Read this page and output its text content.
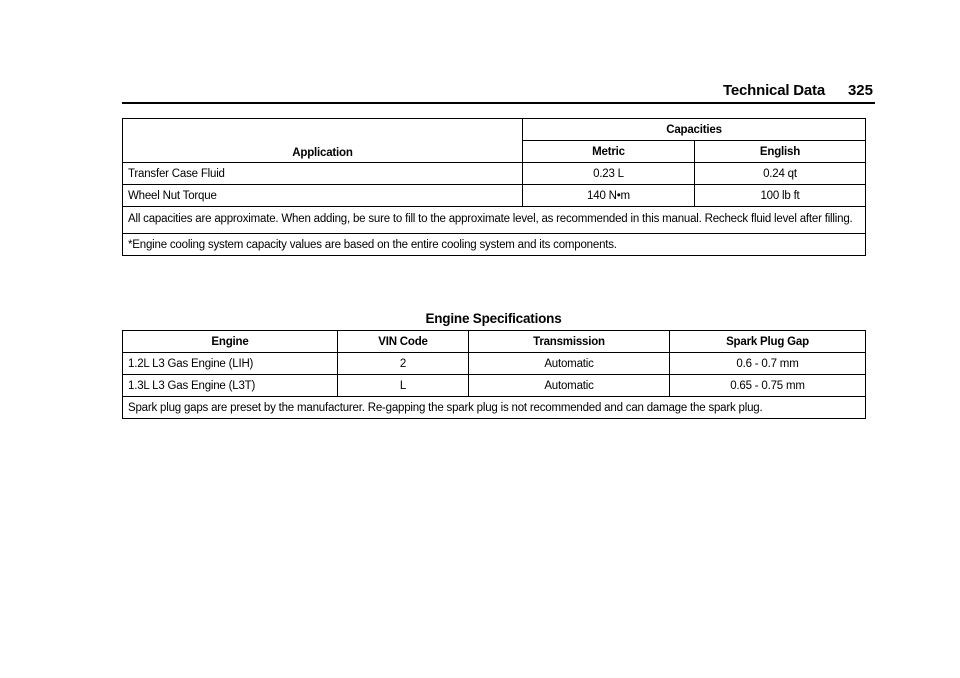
Technical Data 325
Application	Capacities	
	Metric	English
Transfer Case Fluid	0.23 L	0.24 qt
Wheel Nut Torque	140 N•m	100 lb ft
All capacities are approximate. When adding, be sure to fill to the approximate level, as recommended in this manual. Recheck fluid level after filling.		
*Engine cooling system capacity values are based on the entire cooling system and its components.		
Engine Specifications
Engine	VIN Code	Transmission	Spark Plug Gap
1.2L L3 Gas Engine (LIH)	2	Automatic	0.6 - 0.7 mm
1.3L L3 Gas Engine (L3T)	L	Automatic	0.65 - 0.75 mm
Spark plug gaps are preset by the manufacturer. Re-gapping the spark plug is not recommended and can damage the spark plug.			
